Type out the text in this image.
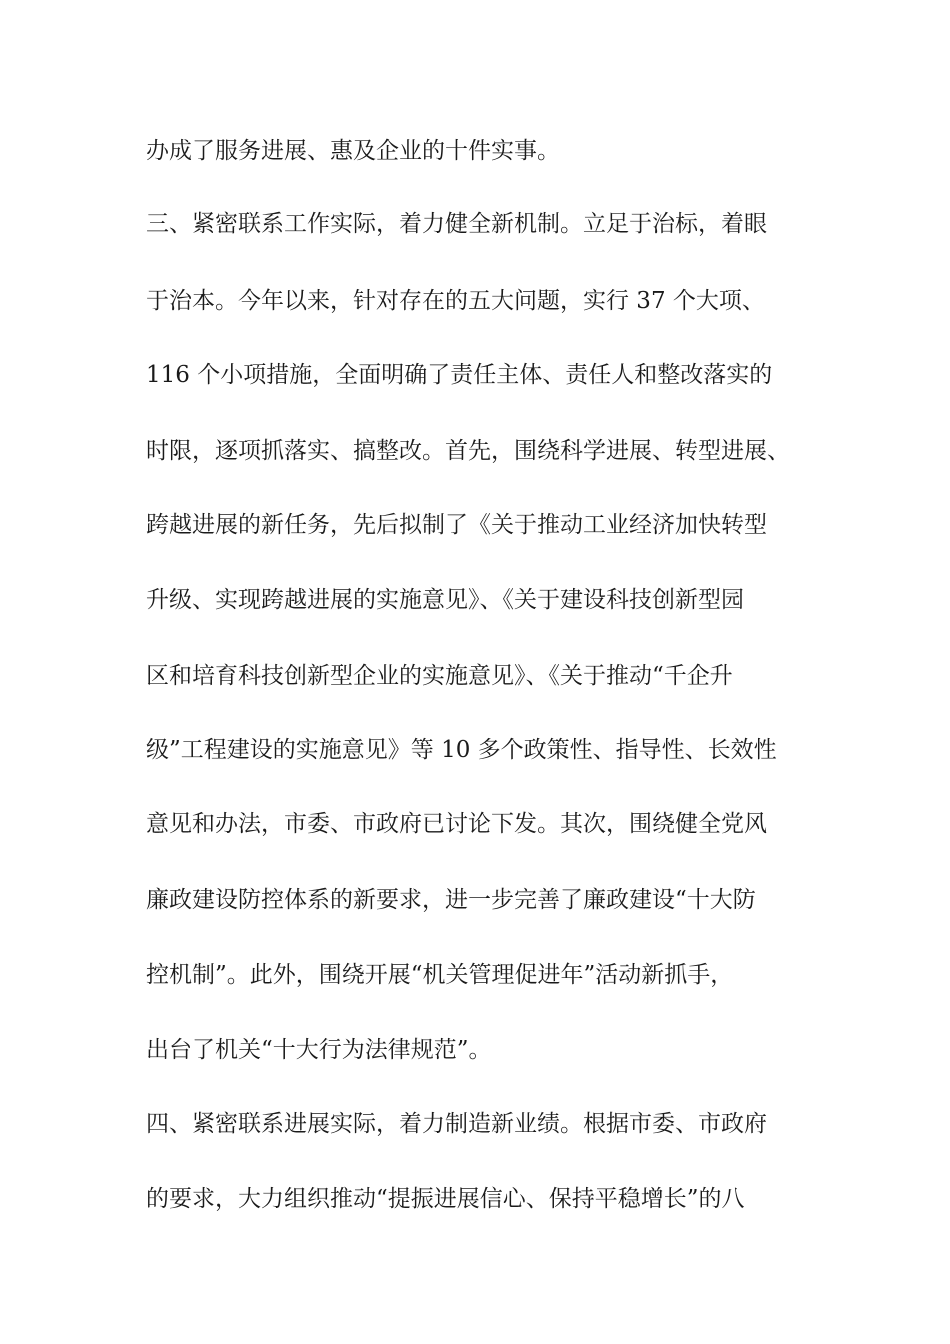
办成了服务进展、惠及企业的十件实事。
三、紧密联系工作实际，着力健全新机制。立足于治标，着眼
于治本。今年以来，针对存在的五大问题，实行 37 个大项、
116 个小项措施，全面明确了责任主体、责任人和整改落实的
时限，逐项抓落实、搞整改。首先，围绕科学进展、转型进展、
跨越进展的新任务，先后拟制了《关于推动工业经济加快转型
升级、实现跨越进展的实施意见》、《关于建设科技创新型园
区和培育科技创新型企业的实施意见》、《关于推动“千企升
级”工程建设的实施意见》等 10 多个政策性、指导性、长效性
意见和办法，市委、市政府已讨论下发。其次，围绕健全党风
廉政建设防控体系的新要求，进一步完善了廉政建设“十大防
控机制”。此外，围绕开展“机关管理促进年”活动新抓手，
出台了机关“十大行为法律规范”。
四、紧密联系进展实际，着力制造新业绩。根据市委、市政府
的要求，大力组织推动“提振进展信心、保持平稳增长”的八
